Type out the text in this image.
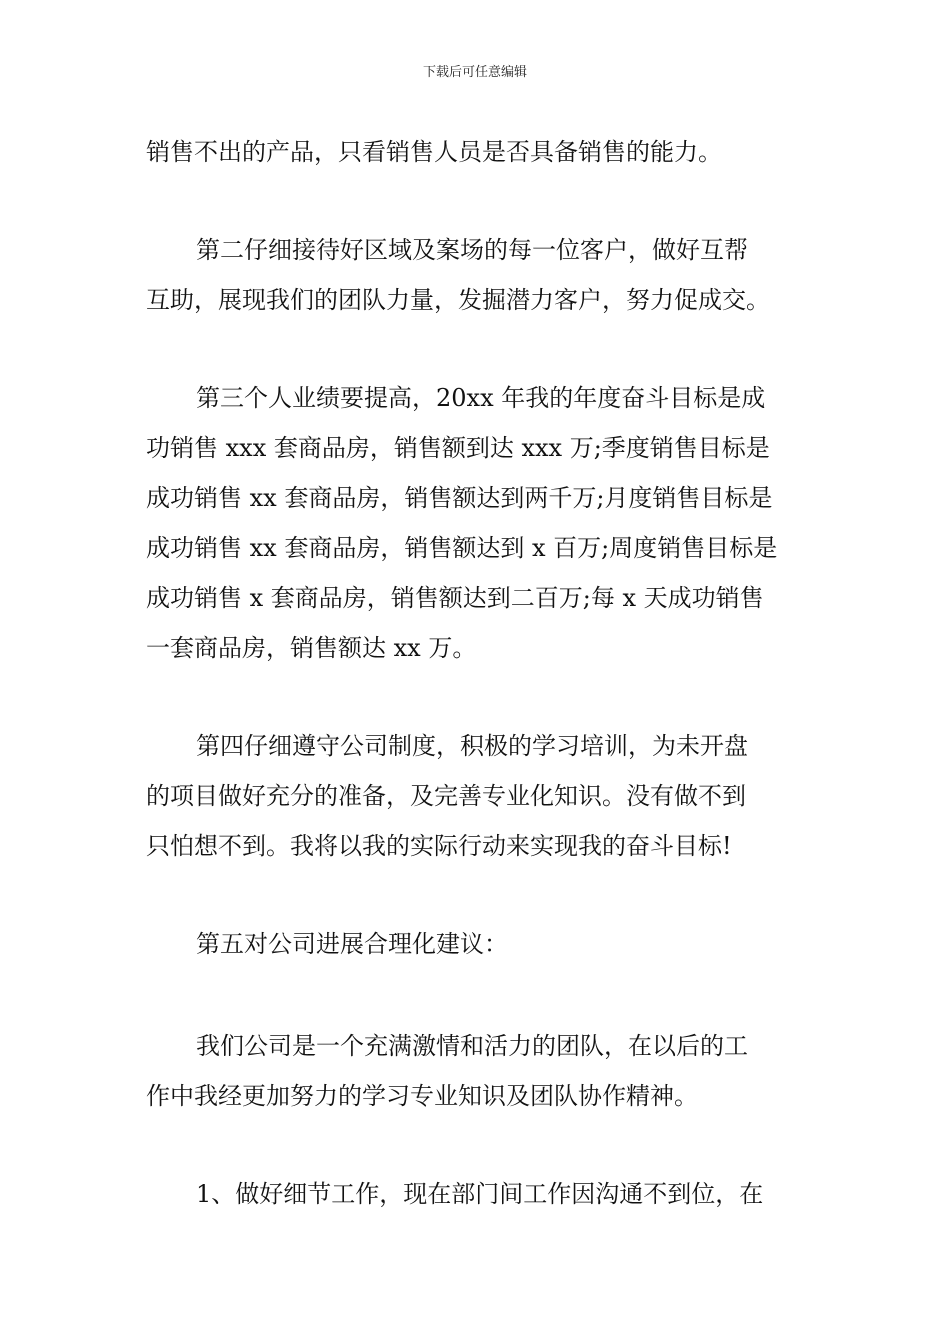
下载后可任意编辑
销售不出的产品，只看销售人员是否具备销售的能力。
第二仔细接待好区域及案场的每一位客户，做好互帮
互助，展现我们的团队力量，发掘潜力客户，努力促成交。
第三个人业绩要提高，20xx 年我的年度奋斗目标是成
功销售 xxx 套商品房，销售额到达 xxx 万;季度销售目标是
成功销售 xx 套商品房，销售额达到两千万;月度销售目标是
成功销售 xx 套商品房，销售额达到 x 百万;周度销售目标是
成功销售 x 套商品房，销售额达到二百万;每 x 天成功销售
一套商品房，销售额达 xx 万。
第四仔细遵守公司制度，积极的学习培训，为未开盘
的项目做好充分的准备，及完善专业化知识。没有做不到
只怕想不到。我将以我的实际行动来实现我的奋斗目标!
第五对公司进展合理化建议：
我们公司是一个充满激情和活力的团队，在以后的工
作中我经更加努力的学习专业知识及团队协作精神。
1、做好细节工作，现在部门间工作因沟通不到位，在
